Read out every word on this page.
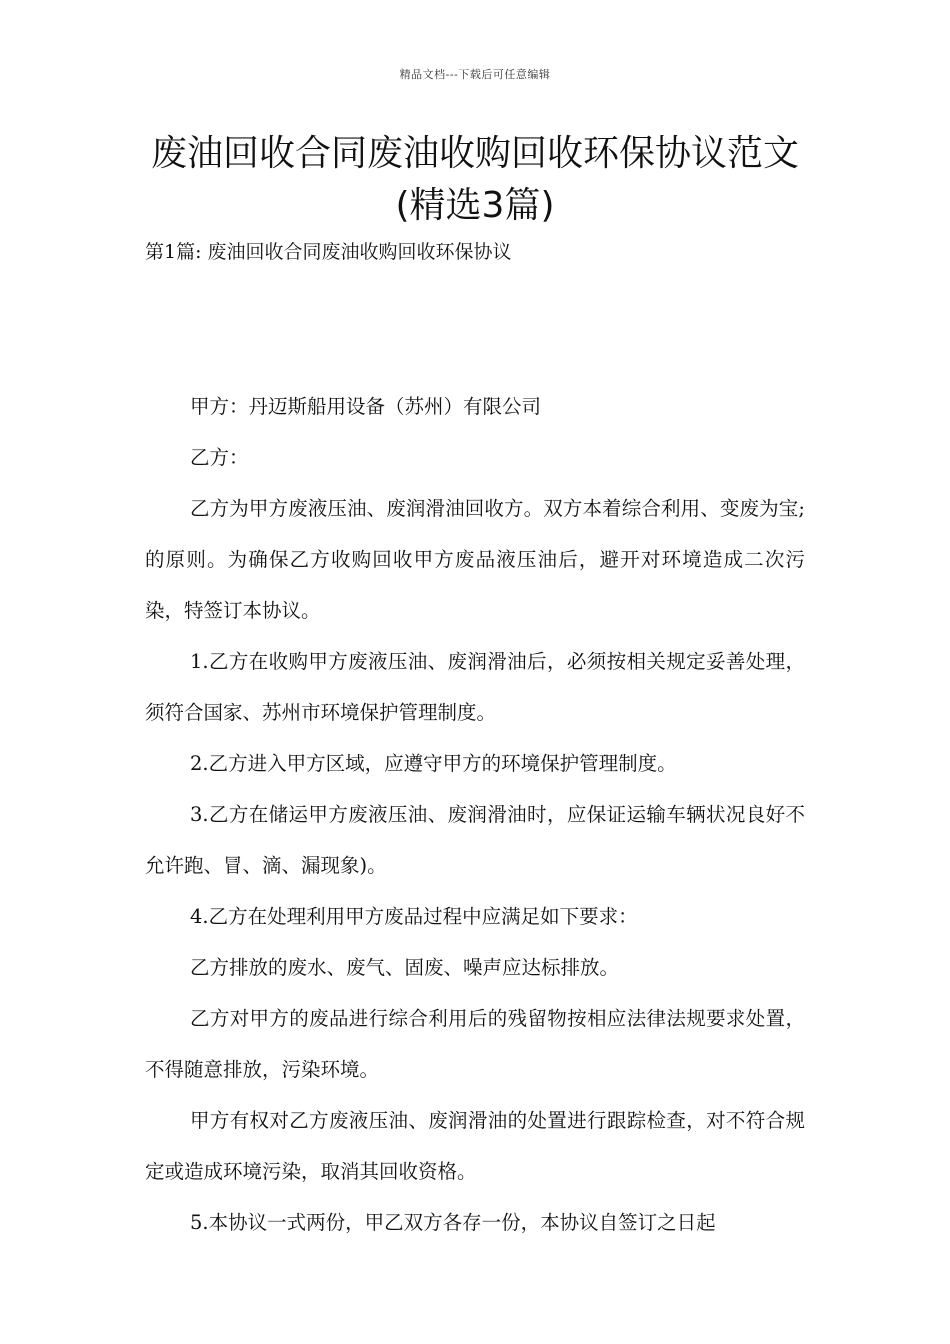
精品文档---下载后可任意编辑
废油回收合同废油收购回收环保协议范文(精选3篇)
第1篇: 废油回收合同废油收购回收环保协议

甲方：丹迈斯船用设备（苏州）有限公司

乙方：

乙方为甲方废液压油、废润滑油回收方。双方本着综合利用、变废为宝;的原则。为确保乙方收购回收甲方废品液压油后，避开对环境造成二次污染，特签订本协议。

1.乙方在收购甲方废液压油、废润滑油后，必须按相关规定妥善处理，须符合国家、苏州市环境保护管理制度。

2.乙方进入甲方区域，应遵守甲方的环境保护管理制度。

3.乙方在储运甲方废液压油、废润滑油时，应保证运输车辆状况良好不允许跑、冒、滴、漏现象)。

4.乙方在处理利用甲方废品过程中应满足如下要求：

乙方排放的废水、废气、固废、噪声应达标排放。

乙方对甲方的废品进行综合利用后的残留物按相应法律法规要求处置，不得随意排放，污染环境。

甲方有权对乙方废液压油、废润滑油的处置进行跟踪检查，对不符合规定或造成环境污染，取消其回收资格。

5.本协议一式两份，甲乙双方各存一份，本协议自签订之日起
